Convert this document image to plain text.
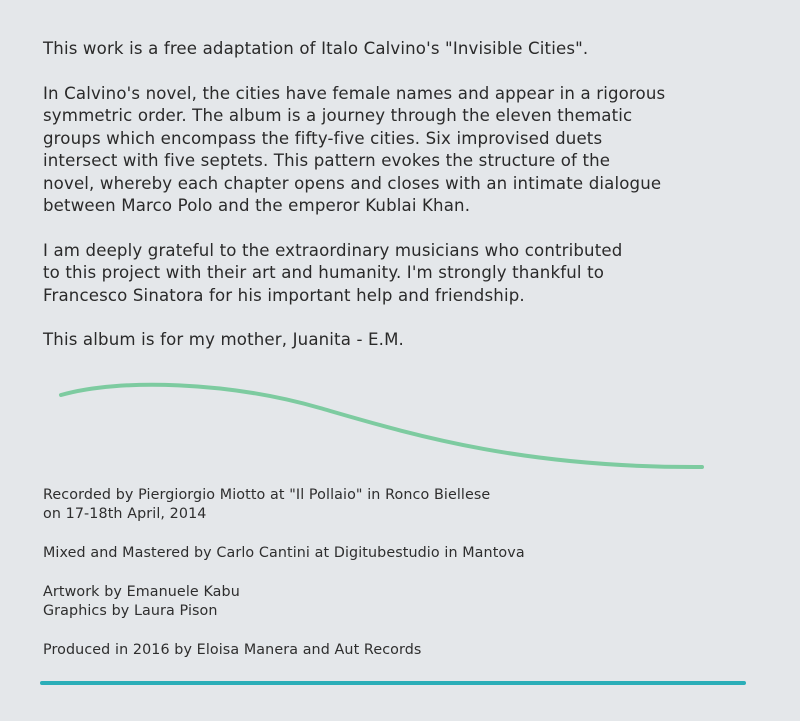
This work is a free adaptation of Italo Calvino's "Invisible Cities".

In Calvino's novel, the cities have female names and appear in a rigorous

symmetric order. The album is a journey through the eleven thematic

groups which encompass the fifty-five cities. Six improvised duets

intersect with five septets. This pattern evokes the structure of the

novel, whereby each chapter opens and closes with an intimate dialogue

between Marco Polo and the emperor Kublai Khan.

I am deeply grateful to the extraordinary musicians who contributed

to this project with their art and humanity. I'm strongly thankful to

Francesco Sinatora for his important help and friendship.

This album is for my mother, Juanita - E.M.

Recorded by Piergiorgio Miotto at "Il Pollaio" in Ronco Biellese

on 17-18th April, 2014

Mixed and Mastered by Carlo Cantini at Digitubestudio in Mantova

Artwork by Emanuele Kabu

Graphics by Laura Pison

Produced in 2016 by Eloisa Manera and Aut Records
